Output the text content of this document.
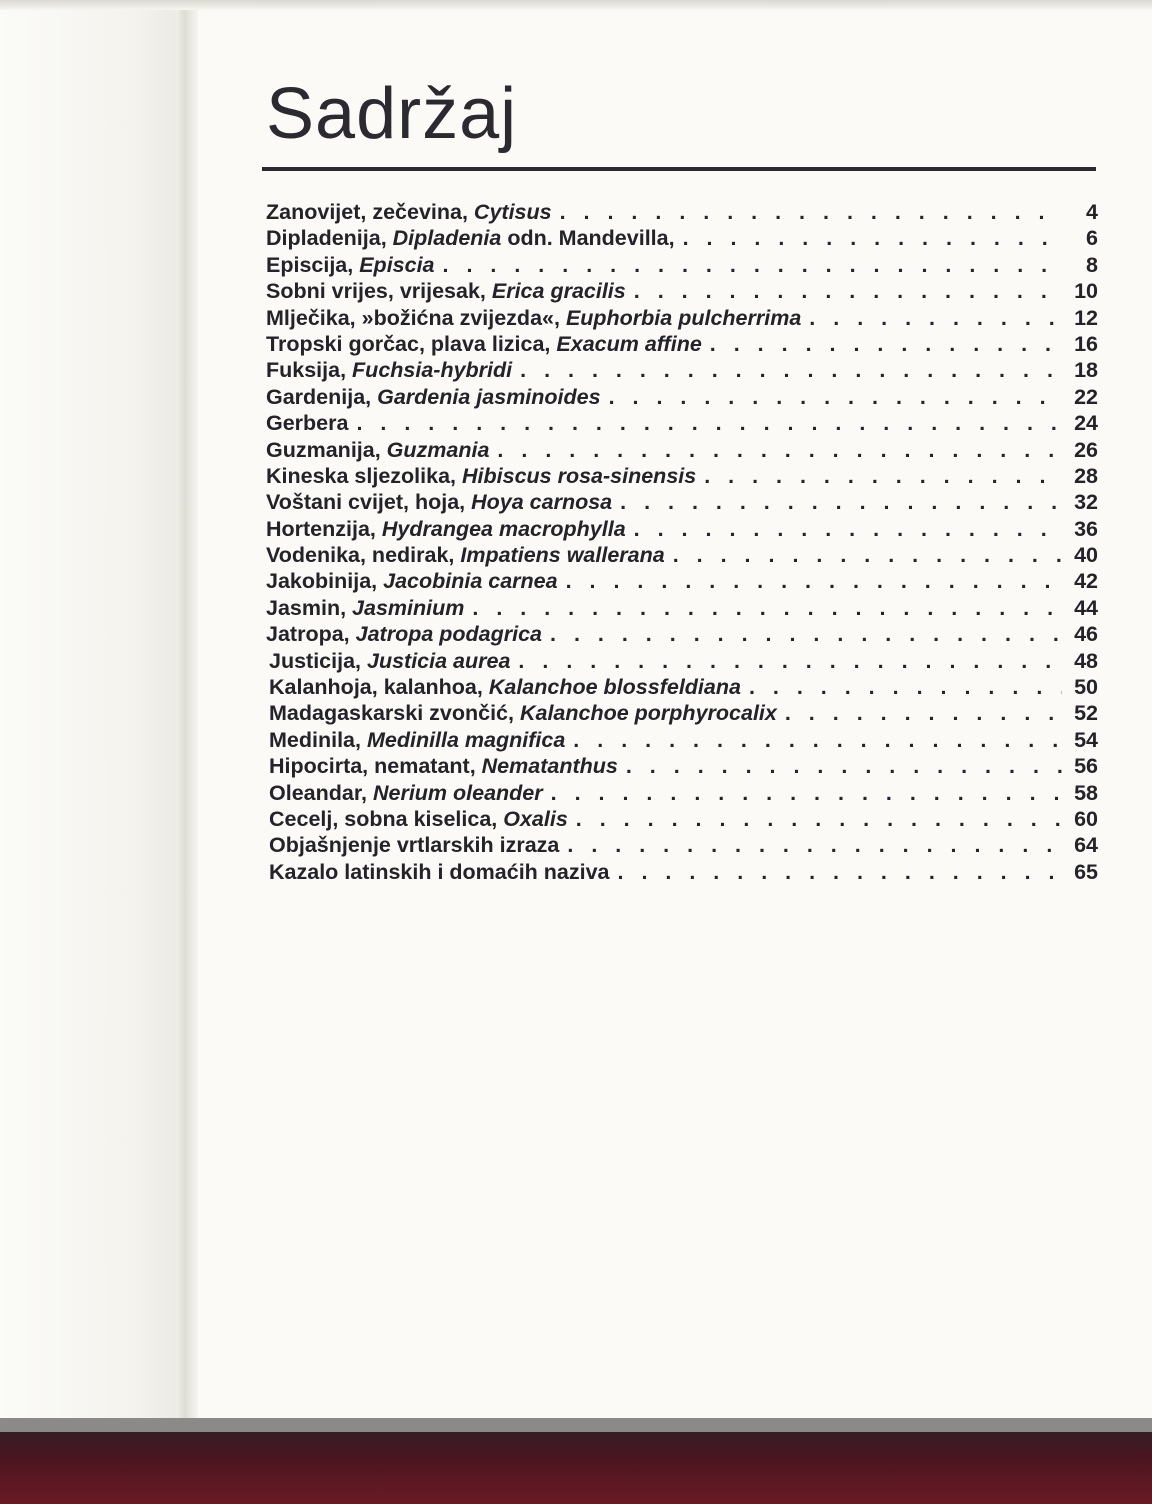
Sadržaj
Zanovijet, zečevina, Cytisus . . .	4
Dipladenija, Dipladenia odn. Mandevilla, . . .	6
Episcija, Episcia . . .	8
Sobni vrijes, vrijesak, Erica gracilis . . .	10
Mlječika, »božićna zvijezda«, Euphorbia pulcherrima . . .	12
Tropski gorčac, plava lizica, Exacum affine . . .	16
Fuksija, Fuchsia-hybridi . . .	18
Gardenija, Gardenia jasminoides . . .	22
Gerbera . . .	24
Guzmanija, Guzmania . . .	26
Kineska sljezolika, Hibiscus rosa-sinensis . . .	28
Voštani cvijet, hoja, Hoya carnosa . . .	32
Hortenzija, Hydrangea macrophylla . . .	36
Vodenika, nedirak, Impatiens wallerana . . .	40
Jakobinija, Jacobinia carnea . . .	42
Jasmin, Jasminium . . .	44
Jatropa, Jatropa podagrica . . .	46
Justicija, Justicia aurea . . .	48
Kalanhoja, kalanhoa, Kalanchoe blossfeldiana . . .	50
Madagaskarski zvončić, Kalanchoe porphyrocalix . . .	52
Medinila, Medinilla magnifica . . .	54
Hipocirta, nematant, Nematanthus . . .	56
Oleandar, Nerium oleander . . .	58
Cecelj, sobna kiselica, Oxalis . . .	60
Objašnjenje vrtlarskih izraza . . .	64
Kazalo latinskih i domaćih naziva . . .	65
